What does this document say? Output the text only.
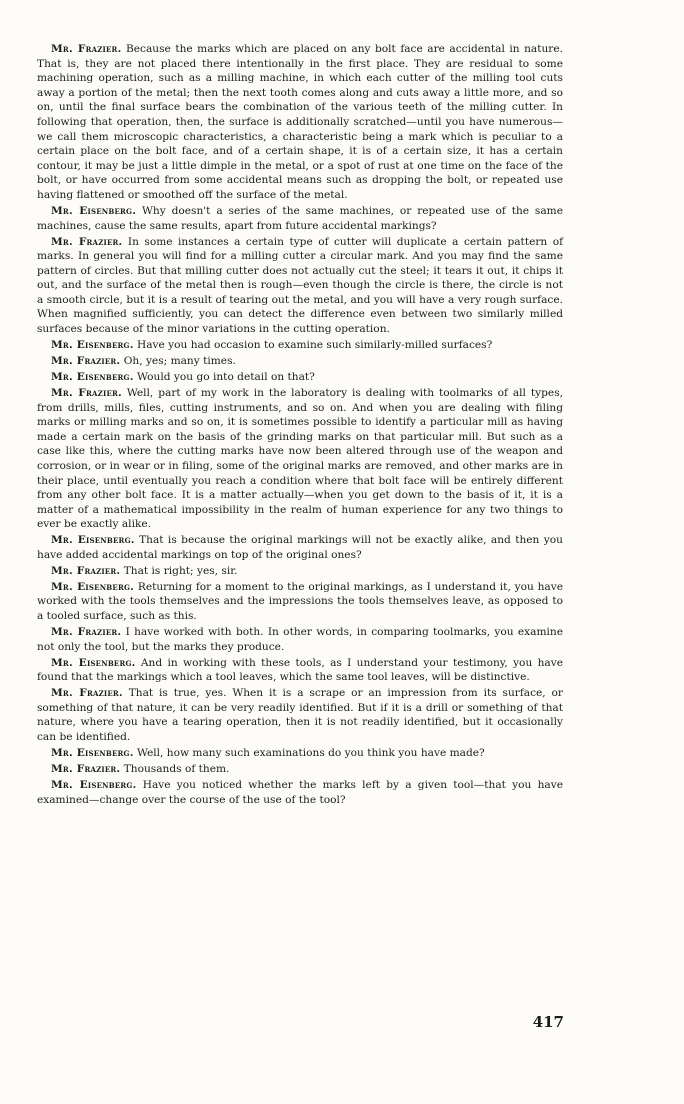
Mr. Frazier. Because the marks which are placed on any bolt face are accidental in nature. That is, they are not placed there intentionally in the first place. They are residual to some machining operation, such as a milling machine, in which each cutter of the milling tool cuts away a portion of the metal; then the next tooth comes along and cuts away a little more, and so on, until the final surface bears the combination of the various teeth of the milling cutter. In following that operation, then, the surface is additionally scratched—until you have numerous—we call them microscopic characteristics, a characteristic being a mark which is peculiar to a certain place on the bolt face, and of a certain shape, it is of a certain size, it has a certain contour, it may be just a little dimple in the metal, or a spot of rust at one time on the face of the bolt, or have occurred from some accidental means such as dropping the bolt, or repeated use having flattened or smoothed off the surface of the metal.

Mr. Eisenberg. Why doesn't a series of the same machines, or repeated use of the same machines, cause the same results, apart from future accidental markings?

Mr. Frazier. In some instances a certain type of cutter will duplicate a certain pattern of marks. In general you will find for a milling cutter a circular mark. And you may find the same pattern of circles. But that milling cutter does not actually cut the steel; it tears it out, it chips it out, and the surface of the metal then is rough—even though the circle is there, the circle is not a smooth circle, but it is a result of tearing out the metal, and you will have a very rough surface. When magnified sufficiently, you can detect the difference even between two similarly milled surfaces because of the minor variations in the cutting operation.

Mr. Eisenberg. Have you had occasion to examine such similarly-milled surfaces?

Mr. Frazier. Oh, yes; many times.

Mr. Eisenberg. Would you go into detail on that?

Mr. Frazier. Well, part of my work in the laboratory is dealing with toolmarks of all types, from drills, mills, files, cutting instruments, and so on. And when you are dealing with filing marks or milling marks and so on, it is sometimes possible to identify a particular mill as having made a certain mark on the basis of the grinding marks on that particular mill. But such as a case like this, where the cutting marks have now been altered through use of the weapon and corrosion, or in wear or in filing, some of the original marks are removed, and other marks are in their place, until eventually you reach a condition where that bolt face will be entirely different from any other bolt face. It is a matter actually—when you get down to the basis of it, it is a matter of a mathematical impossibility in the realm of human experience for any two things to ever be exactly alike.

Mr. Eisenberg. That is because the original markings will not be exactly alike, and then you have added accidental markings on top of the original ones?

Mr. Frazier. That is right; yes, sir.

Mr. Eisenberg. Returning for a moment to the original markings, as I understand it, you have worked with the tools themselves and the impressions the tools themselves leave, as opposed to a tooled surface, such as this.

Mr. Frazier. I have worked with both. In other words, in comparing toolmarks, you examine not only the tool, but the marks they produce.

Mr. Eisenberg. And in working with these tools, as I understand your testimony, you have found that the markings which a tool leaves, which the same tool leaves, will be distinctive.

Mr. Frazier. That is true, yes. When it is a scrape or an impression from its surface, or something of that nature, it can be very readily identified. But if it is a drill or something of that nature, where you have a tearing operation, then it is not readily identified, but it occasionally can be identified.

Mr. Eisenberg. Well, how many such examinations do you think you have made?

Mr. Frazier. Thousands of them.

Mr. Eisenberg. Have you noticed whether the marks left by a given tool—that you have examined—change over the course of the use of the tool?

417
